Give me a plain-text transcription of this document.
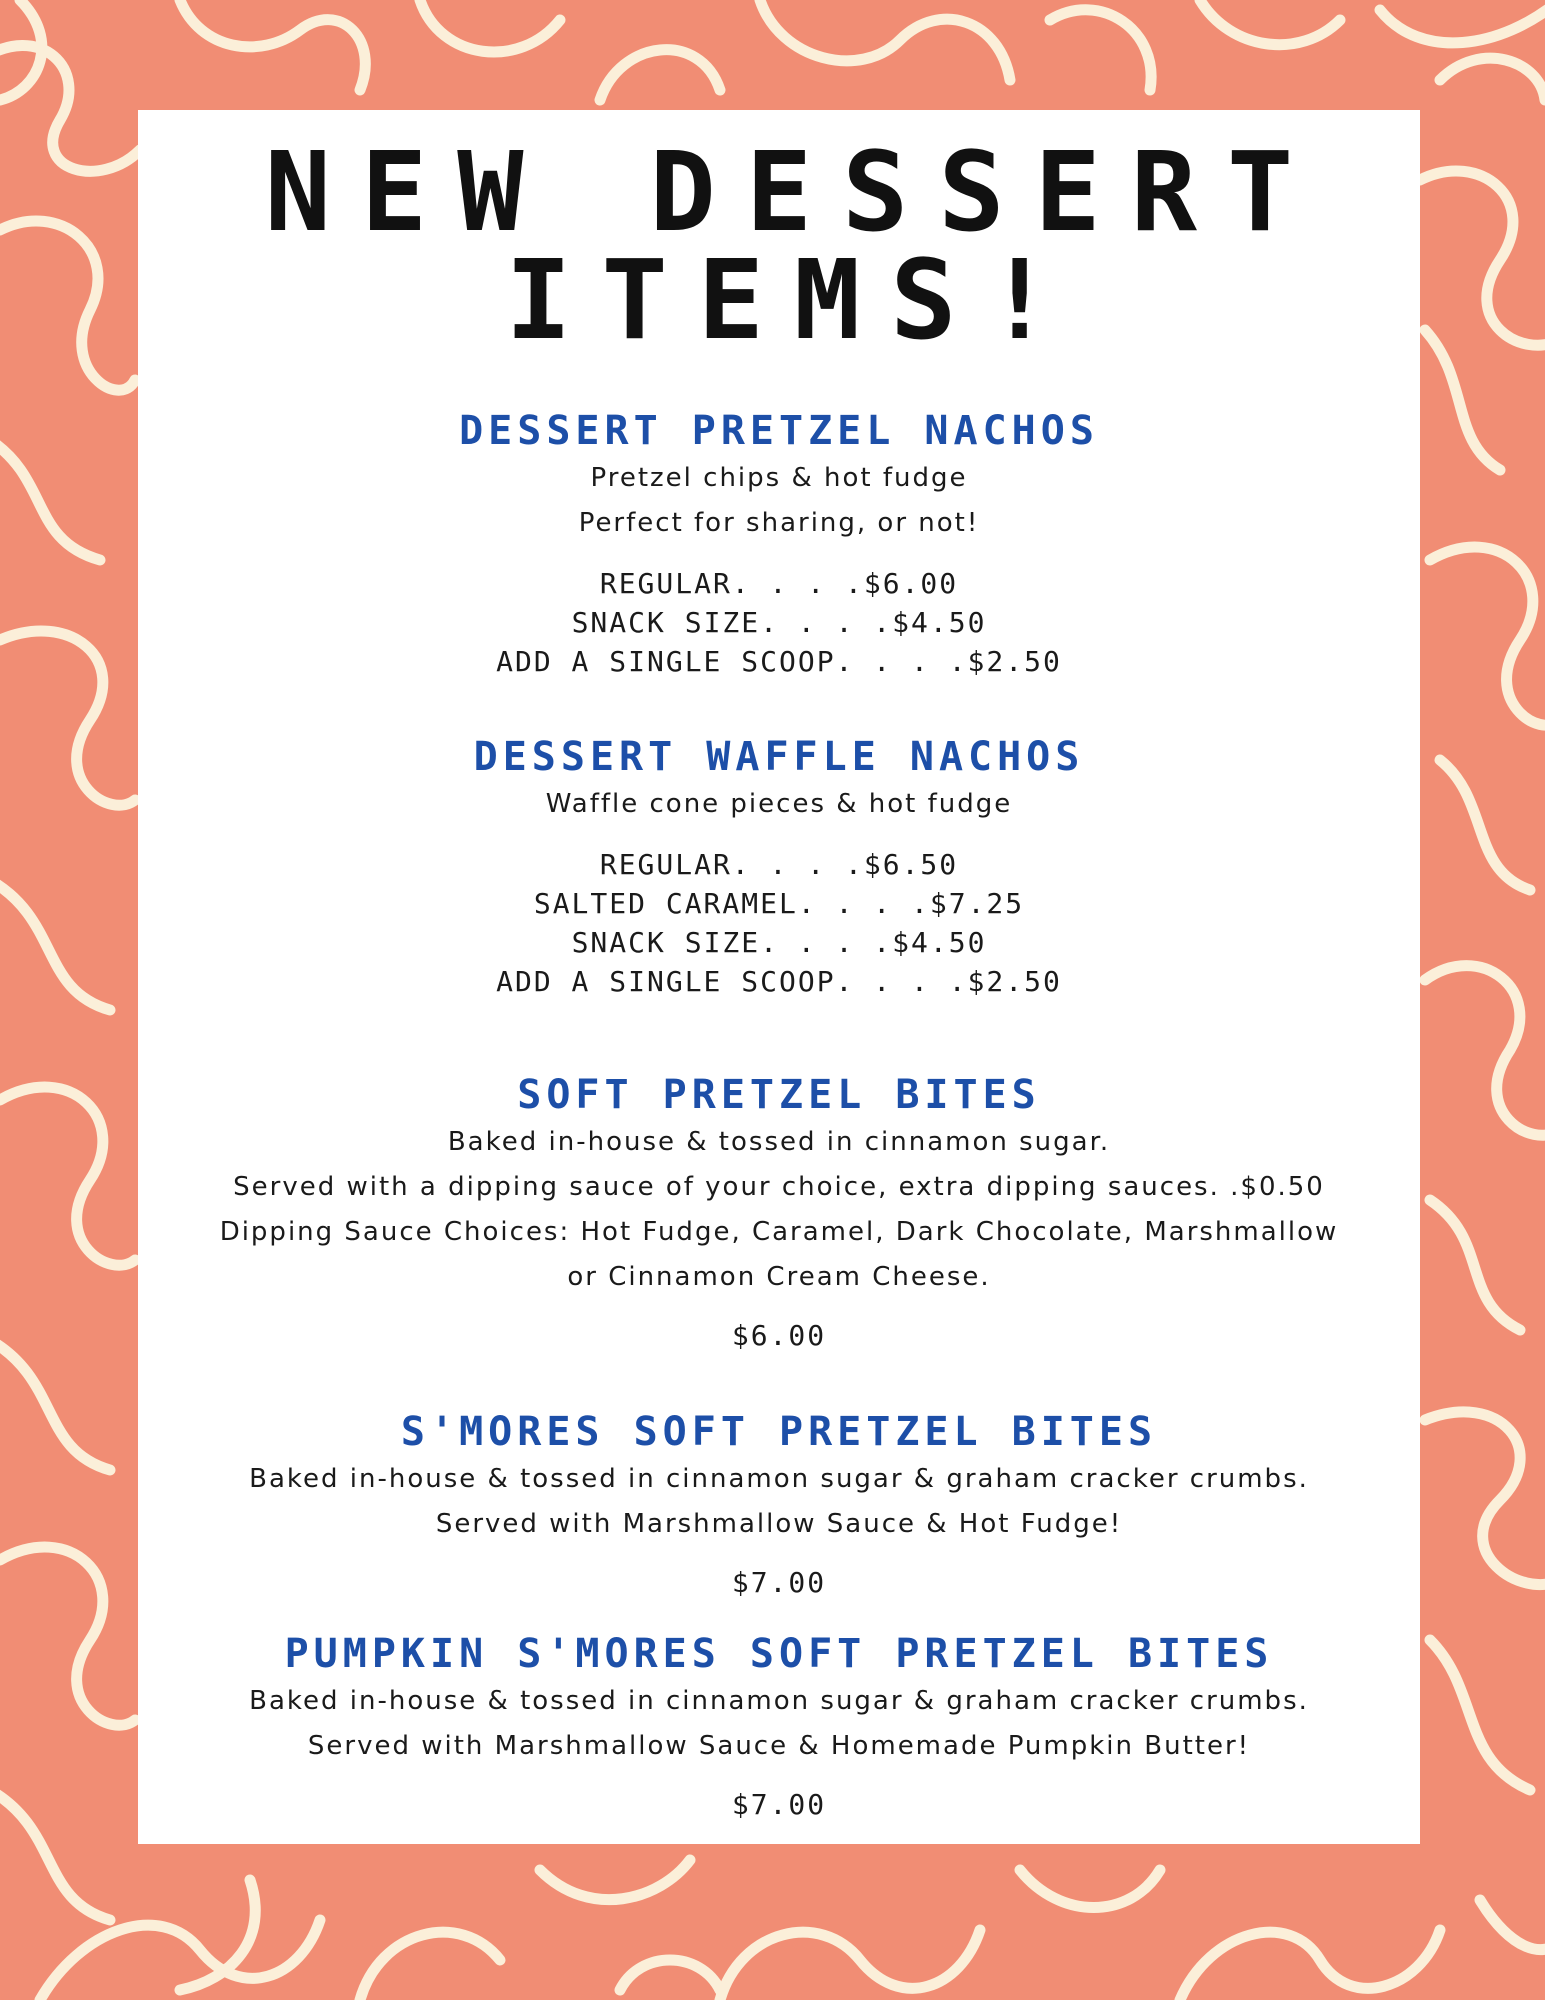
NEW DESSERT
ITEMS!
DESSERT PRETZEL NACHOS

Pretzel chips & hot fudge

Perfect for sharing, or not!

REGULAR. . . .$6.00
SNACK SIZE. . . .$4.50
ADD A SINGLE SCOOP. . . .$2.50
DESSERT WAFFLE NACHOS

Waffle cone pieces & hot fudge

REGULAR. . . .$6.50
SALTED CARAMEL. . . .$7.25
SNACK SIZE. . . .$4.50
ADD A SINGLE SCOOP. . . .$2.50
SOFT PRETZEL BITES

Baked in-house & tossed in cinnamon sugar.

Served with a dipping sauce of your choice, extra dipping sauces. .$0.50

Dipping Sauce Choices: Hot Fudge, Caramel, Dark Chocolate, Marshmallow

or Cinnamon Cream Cheese.

$6.00
S'MORES SOFT PRETZEL BITES

Baked in-house & tossed in cinnamon sugar & graham cracker crumbs.

Served with Marshmallow Sauce & Hot Fudge!

$7.00
PUMPKIN S'MORES SOFT PRETZEL BITES

Baked in-house & tossed in cinnamon sugar & graham cracker crumbs.

Served with Marshmallow Sauce & Homemade Pumpkin Butter!

$7.00
